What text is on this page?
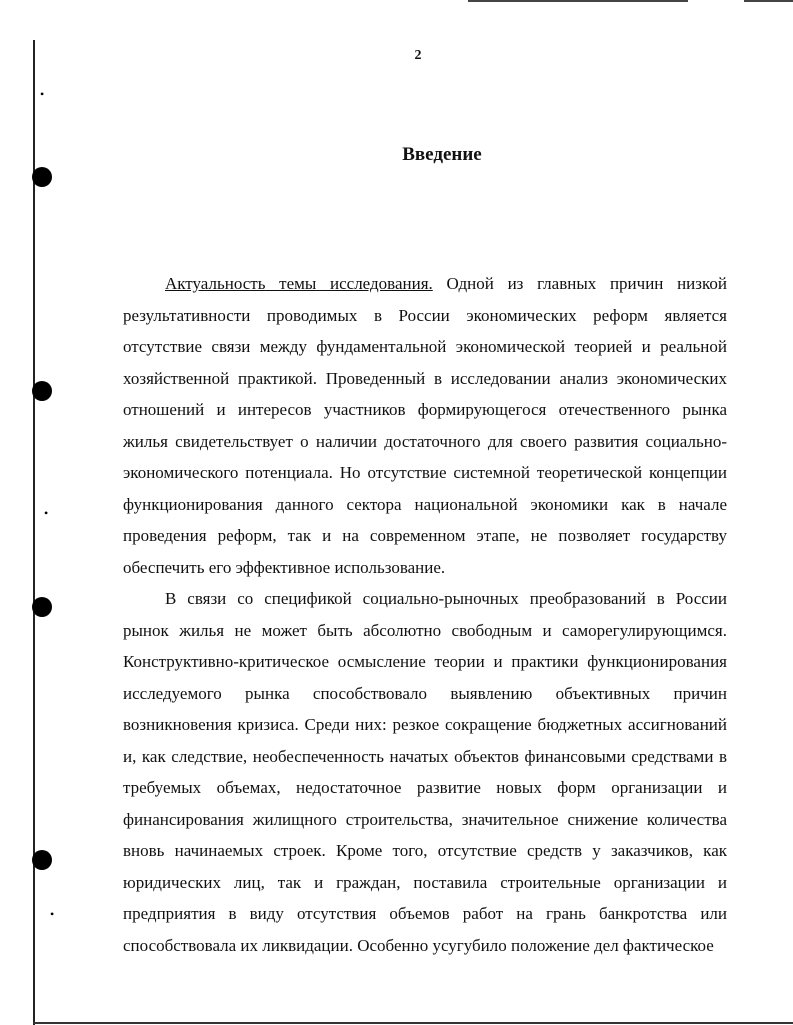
•
•
•
2
Введение

Актуальность темы исследования. Одной из главных причин низкой результативности проводимых в России экономических реформ является отсутствие связи между фундаментальной экономической теорией и реальной хозяйственной практикой. Проведенный в исследовании анализ экономических отношений и интересов участников формирующегося отечественного рынка жилья свидетельствует о наличии достаточного для своего развития социально-экономического потенциала. Но отсутствие системной теоретической концепции функционирования данного сектора национальной экономики как в начале проведения реформ, так и на современном этапе, не позволяет государству обеспечить его эффективное использование.

В связи со спецификой социально-рыночных преобразований в России рынок жилья не может быть абсолютно свободным и саморегулирующимся. Конструктивно-критическое осмысление теории и практики функционирования исследуемого рынка способствовало выявлению объективных причин возникновения кризиса. Среди них: резкое сокращение бюджетных ассигнований и, как следствие, необеспеченность начатых объектов финансовыми средствами в требуемых объемах, недостаточное развитие новых форм организации и финансирования жилищного строительства, значительное снижение количества вновь начинаемых строек. Кроме того, отсутствие средств у заказчиков, как юридических лиц, так и граждан, поставила строительные организации и предприятия в виду отсутствия объемов работ на грань банкротства или способствовала их ликвидации. Особенно усугубило положение дел фактическое
